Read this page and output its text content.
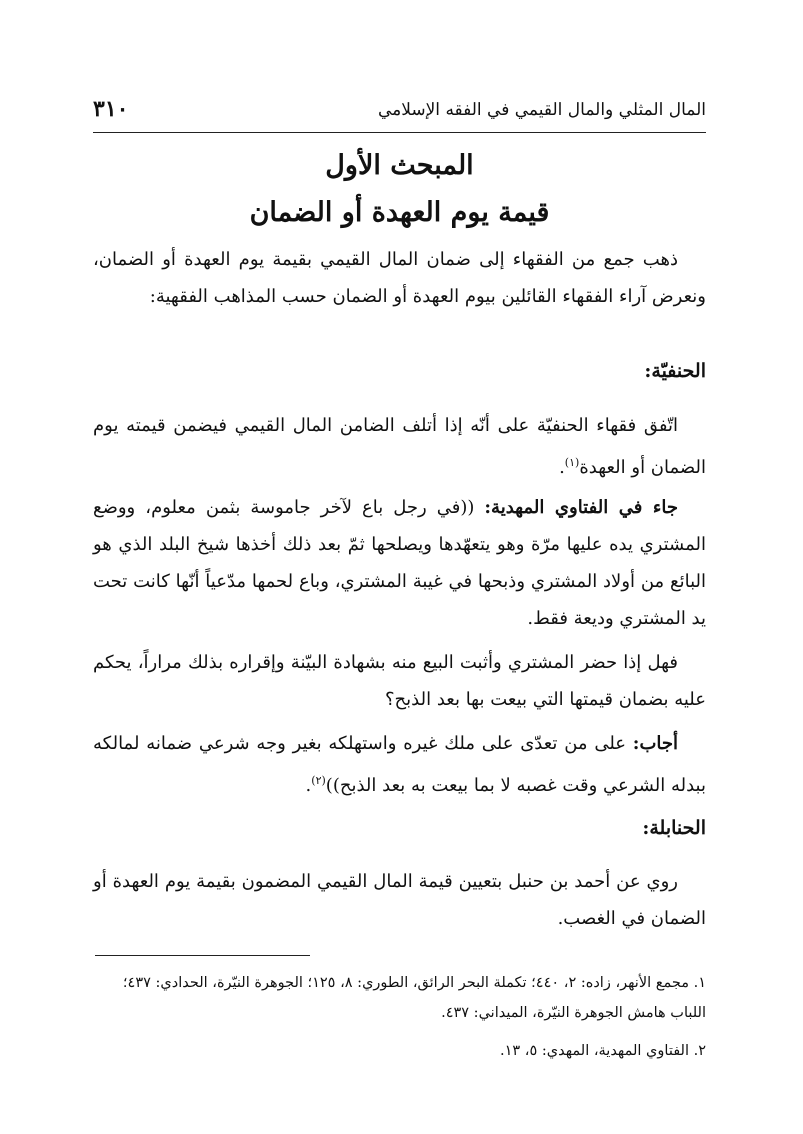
المال المثلي والمال القيمي في الفقه الإسلامي
٣١٠
المبحث الأول
قيمة يوم العهدة أو الضمان

ذهب جمع من الفقهاء إلى ضمان المال القيمي بقيمة يوم العهدة أو الضمان، ونعرض آراء الفقهاء القائلين بيوم العهدة أو الضمان حسب المذاهب الفقهية:

الحنفيّة:

اتّفق فقهاء الحنفيّة على أنّه إذا أتلف الضامن المال القيمي فيضمن قيمته يوم الضمان أو العهدة$^{(١)}$.

جاء في الفتاوي المهدية: ((في رجل باع لآخر جاموسة بثمن معلوم، ووضع المشتري يده عليها مرّة وهو يتعهّدها ويصلحها ثمّ بعد ذلك أخذها شيخ البلد الذي هو البائع من أولاد المشتري وذبحها في غيبة المشتري، وباع لحمها مدّعياً أنّها كانت تحت يد المشتري وديعة فقط.

فهل إذا حضر المشتري وأثبت البيع منه بشهادة البيّنة وإقراره بذلك مراراً، يحكم عليه بضمان قيمتها التي بيعت بها بعد الذبح؟

أجاب: على من تعدّى على ملك غيره واستهلكه بغير وجه شرعي ضمانه لمالكه ببدله الشرعي وقت غصبه لا بما بيعت به بعد الذبح))$^{(٢)}$.

الحنابلة:

روي عن أحمد بن حنبل بتعيين قيمة المال القيمي المضمون بقيمة يوم العهدة أو الضمان في الغصب.

١. مجمع الأنهر، زاده: ٢، ٤٤٠؛ تكملة البحر الرائق، الطوري: ٨، ١٢٥؛ الجوهرة النيّرة، الحدادي: ٤٣٧؛ اللباب هامش الجوهرة النيّرة، الميداني: ٤٣٧.
٢. الفتاوي المهدية، المهدي: ٥، ١٣.
